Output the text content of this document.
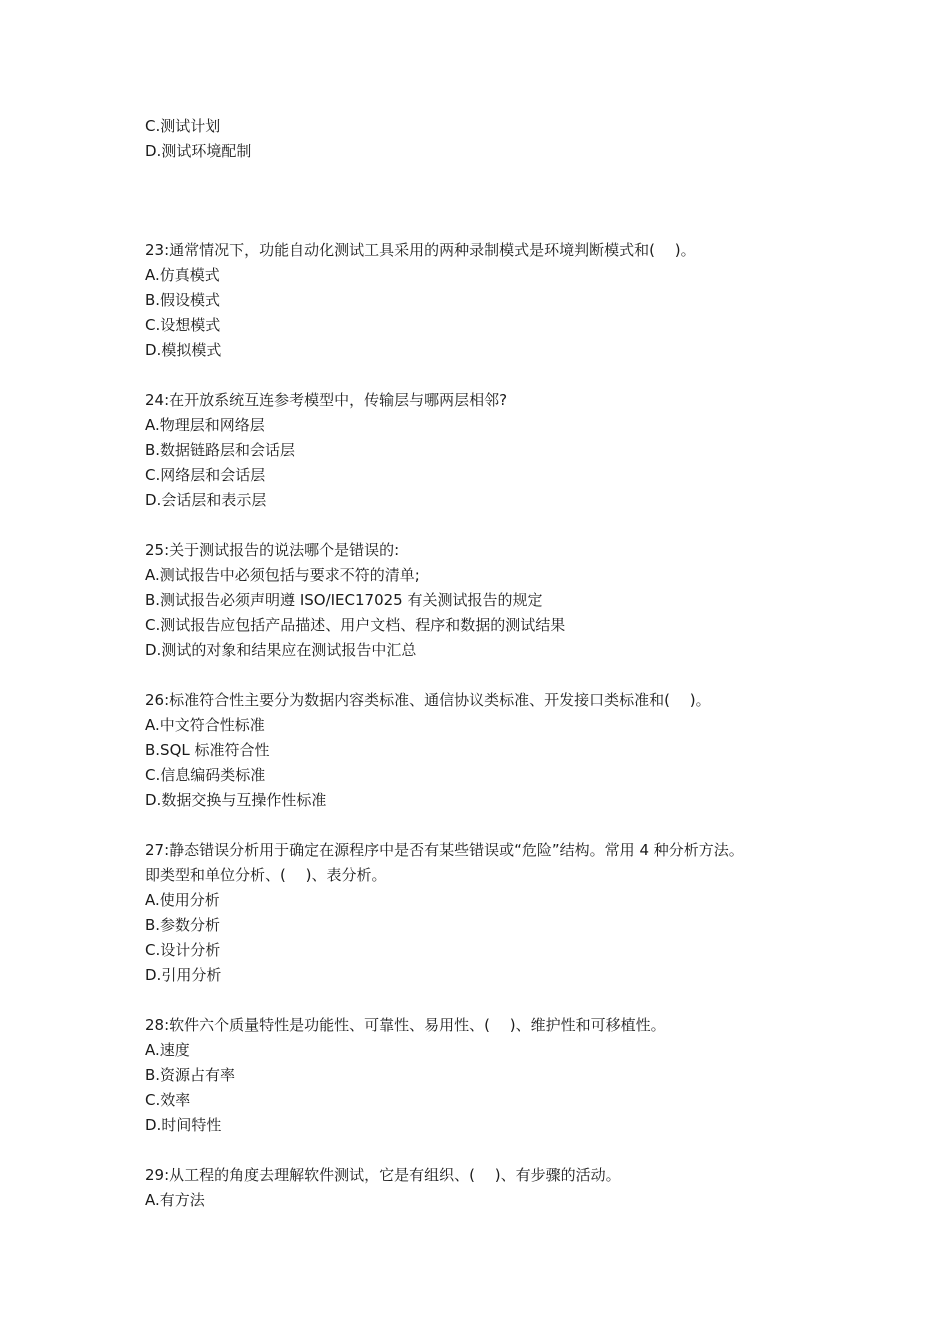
C.测试计划
D.测试环境配制
23:通常情况下，功能自动化测试工具采用的两种录制模式是环境判断模式和(　 )。
A.仿真模式
B.假设模式
C.设想模式
D.模拟模式
24:在开放系统互连参考模型中，传输层与哪两层相邻?
A.物理层和网络层
B.数据链路层和会话层
C.网络层和会话层
D.会话层和表示层
25:关于测试报告的说法哪个是错误的:
A.测试报告中必须包括与要求不符的清单;
B.测试报告必须声明遵 ISO/IEC17025 有关测试报告的规定
C.测试报告应包括产品描述、用户文档、程序和数据的测试结果
D.测试的对象和结果应在测试报告中汇总
26:标准符合性主要分为数据内容类标准、通信协议类标准、开发接口类标准和(　 )。
A.中文符合性标准
B.SQL 标准符合性
C.信息编码类标准
D.数据交换与互操作性标准
27:静态错误分析用于确定在源程序中是否有某些错误或“危险”结构。常用 4 种分析方法。
即类型和单位分析、(　 )、表分析。
A.使用分析
B.参数分析
C.设计分析
D.引用分析
28:软件六个质量特性是功能性、可靠性、易用性、(　 )、维护性和可移植性。
A.速度
B.资源占有率
C.效率
D.时间特性
29:从工程的角度去理解软件测试，它是有组织、(　 )、有步骤的活动。
A.有方法
